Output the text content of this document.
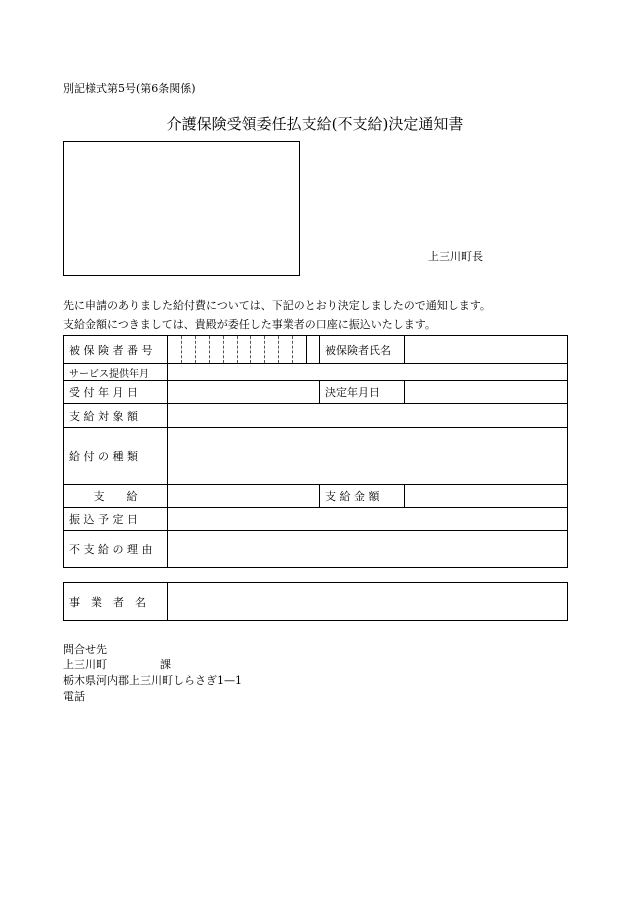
別記様式第5号(第6条関係)
介護保険受領委任払支給(不支給)決定通知書
上三川町長
先に申請のありました給付費については、下記のとおり決定しましたので通知します。
支給金額につきましては、貴殿が委任した事業者の口座に振込いたします。
被 保 険 者 番 号			被保険者氏名	
サービス提供年月				
受 付 年 月 日			決定年月日	
支 給 対 象 額				
給 付 の 種 類				
支　　給			支 給 金 額	
振 込 予 定 日				
不 支 給 の 理 由				
事　業　者　名	
問合せ先
上三川町	課
栃木県河内郡上三川町しらさぎ1—1
電話
